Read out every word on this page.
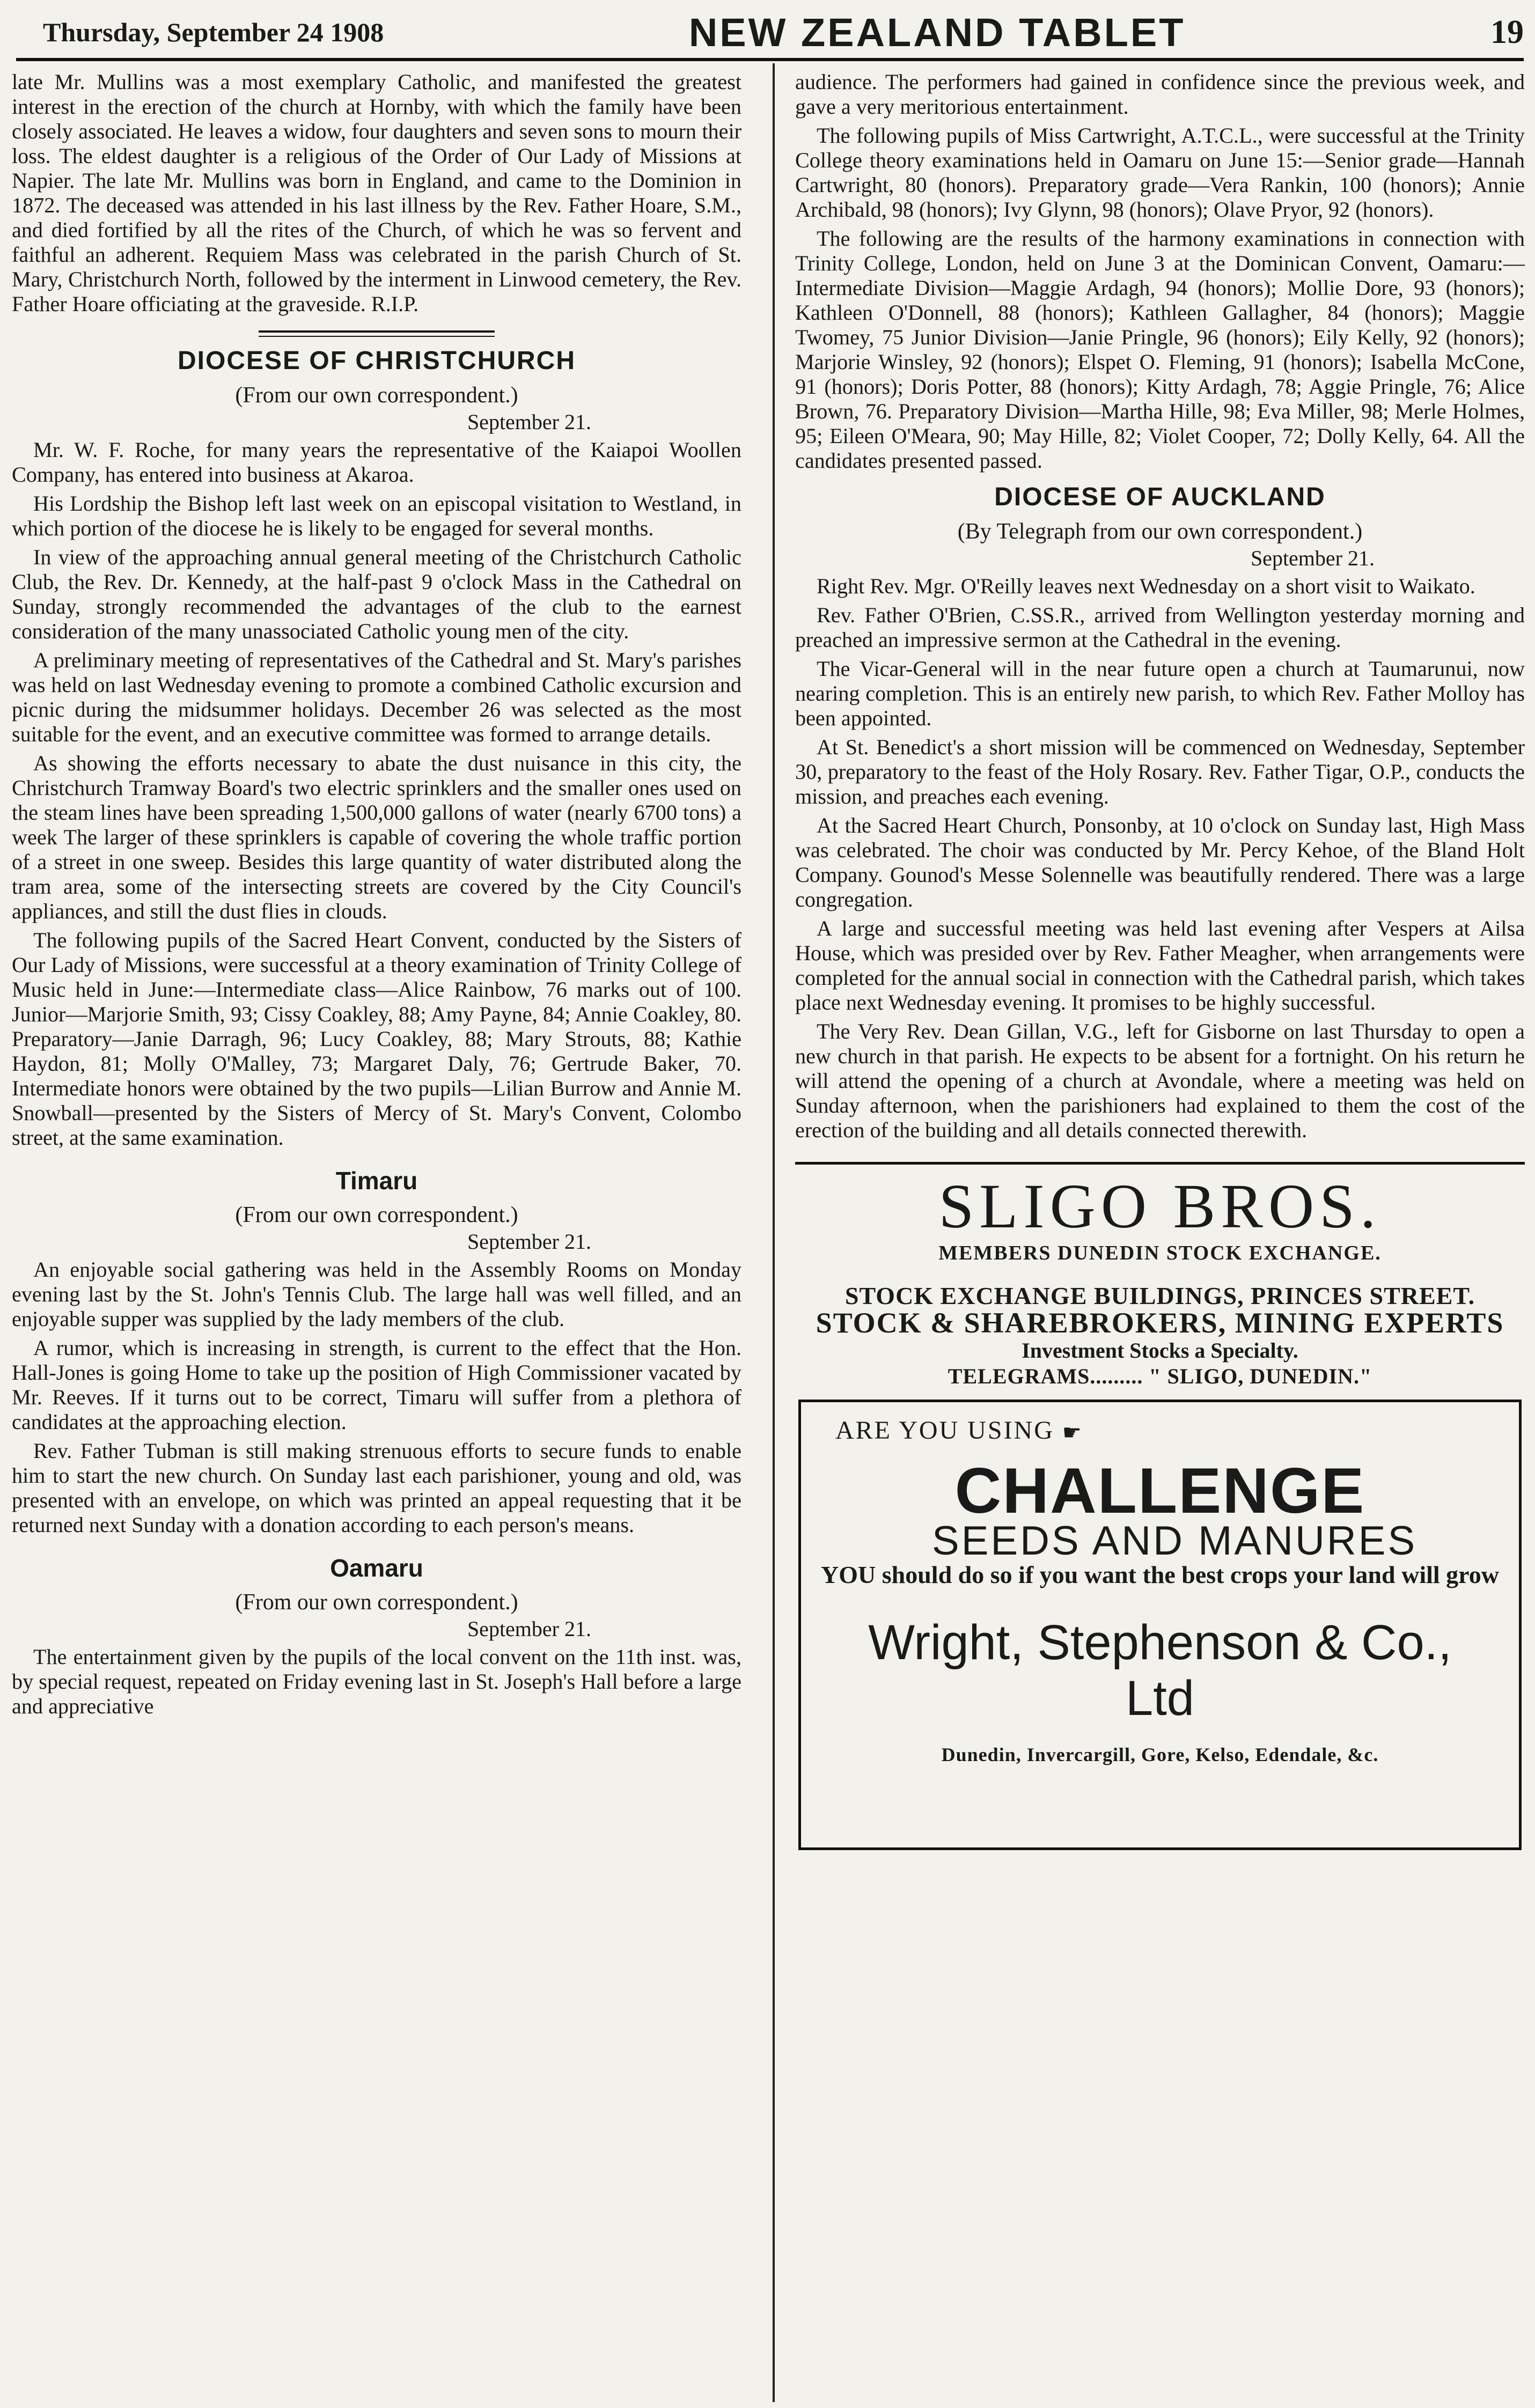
Thursday, September 24 1908	NEW ZEALAND TABLET	19

late Mr. Mullins was a most exemplary Catholic, and manifested the greatest interest in the erection of the church at Hornby, with which the family have been closely associated. He leaves a widow, four daughters and seven sons to mourn their loss. The eldest daughter is a religious of the Order of Our Lady of Missions at Napier. The late Mr. Mullins was born in England, and came to the Dominion in 1872. The deceased was attended in his last illness by the Rev. Father Hoare, S.M., and died fortified by all the rites of the Church, of which he was so fervent and faithful an adherent. Requiem Mass was celebrated in the parish Church of St. Mary, Christchurch North, followed by the interment in Linwood cemetery, the Rev. Father Hoare officiating at the graveside. R.I.P.

DIOCESE OF CHRISTCHURCH
(From our own correspondent.)
September 21.

Mr. W. F. Roche, for many years the representative of the Kaiapoi Woollen Company, has entered into business at Akaroa.

His Lordship the Bishop left last week on an episcopal visitation to Westland, in which portion of the diocese he is likely to be engaged for several months.

In view of the approaching annual general meeting of the Christchurch Catholic Club, the Rev. Dr. Kennedy, at the half-past 9 o'clock Mass in the Cathedral on Sunday, strongly recommended the advantages of the club to the earnest consideration of the many unassociated Catholic young men of the city.

A preliminary meeting of representatives of the Cathedral and St. Mary's parishes was held on last Wednesday evening to promote a combined Catholic excursion and picnic during the midsummer holidays. December 26 was selected as the most suitable for the event, and an executive committee was formed to arrange details.

As showing the efforts necessary to abate the dust nuisance in this city, the Christchurch Tramway Board's two electric sprinklers and the smaller ones used on the steam lines have been spreading 1,500,000 gallons of water (nearly 6700 tons) a week The larger of these sprinklers is capable of covering the whole traffic portion of a street in one sweep. Besides this large quantity of water distributed along the tram area, some of the intersecting streets are covered by the City Council's appliances, and still the dust flies in clouds.

The following pupils of the Sacred Heart Convent, conducted by the Sisters of Our Lady of Missions, were successful at a theory examination of Trinity College of Music held in June:—Intermediate class—Alice Rainbow, 76 marks out of 100. Junior—Marjorie Smith, 93; Cissy Coakley, 88; Amy Payne, 84; Annie Coakley, 80. Preparatory—Janie Darragh, 96; Lucy Coakley, 88; Mary Strouts, 88; Kathie Haydon, 81; Molly O'Malley, 73; Margaret Daly, 76; Gertrude Baker, 70. Intermediate honors were obtained by the two pupils—Lilian Burrow and Annie M. Snowball—presented by the Sisters of Mercy of St. Mary's Convent, Colombo street, at the same examination.

Timaru
(From our own correspondent.)
September 21.

An enjoyable social gathering was held in the Assembly Rooms on Monday evening last by the St. John's Tennis Club. The large hall was well filled, and an enjoyable supper was supplied by the lady members of the club.

A rumor, which is increasing in strength, is current to the effect that the Hon. Hall-Jones is going Home to take up the position of High Commissioner vacated by Mr. Reeves. If it turns out to be correct, Timaru will suffer from a plethora of candidates at the approaching election.

Rev. Father Tubman is still making strenuous efforts to secure funds to enable him to start the new church. On Sunday last each parishioner, young and old, was presented with an envelope, on which was printed an appeal requesting that it be returned next Sunday with a donation according to each person's means.

Oamaru
(From our own correspondent.)
September 21.

The entertainment given by the pupils of the local convent on the 11th inst. was, by special request, repeated on Friday evening last in St. Joseph's Hall before a large and appreciative

audience. The performers had gained in confidence since the previous week, and gave a very meritorious entertainment.

The following pupils of Miss Cartwright, A.T.C.L., were successful at the Trinity College theory examinations held in Oamaru on June 15:—Senior grade—Hannah Cartwright, 80 (honors). Preparatory grade—Vera Rankin, 100 (honors); Annie Archibald, 98 (honors); Ivy Glynn, 98 (honors); Olave Pryor, 92 (honors).

The following are the results of the harmony examinations in connection with Trinity College, London, held on June 3 at the Dominican Convent, Oamaru:—Intermediate Division—Maggie Ardagh, 94 (honors); Mollie Dore, 93 (honors); Kathleen O'Donnell, 88 (honors); Kathleen Gallagher, 84 (honors); Maggie Twomey, 75 Junior Division—Janie Pringle, 96 (honors); Eily Kelly, 92 (honors); Marjorie Winsley, 92 (honors); Elspet O. Fleming, 91 (honors); Isabella McCone, 91 (honors); Doris Potter, 88 (honors); Kitty Ardagh, 78; Aggie Pringle, 76; Alice Brown, 76. Preparatory Division—Martha Hille, 98; Eva Miller, 98; Merle Holmes, 95; Eileen O'Meara, 90; May Hille, 82; Violet Cooper, 72; Dolly Kelly, 64. All the candidates presented passed.

DIOCESE OF AUCKLAND
(By Telegraph from our own correspondent.)
September 21.

Right Rev. Mgr. O'Reilly leaves next Wednesday on a short visit to Waikato.

Rev. Father O'Brien, C.SS.R., arrived from Wellington yesterday morning and preached an impressive sermon at the Cathedral in the evening.

The Vicar-General will in the near future open a church at Taumarunui, now nearing completion. This is an entirely new parish, to which Rev. Father Molloy has been appointed.

At St. Benedict's a short mission will be commenced on Wednesday, September 30, preparatory to the feast of the Holy Rosary. Rev. Father Tigar, O.P., conducts the mission, and preaches each evening.

At the Sacred Heart Church, Ponsonby, at 10 o'clock on Sunday last, High Mass was celebrated. The choir was conducted by Mr. Percy Kehoe, of the Bland Holt Company. Gounod's Messe Solennelle was beautifully rendered. There was a large congregation.

A large and successful meeting was held last evening after Vespers at Ailsa House, which was presided over by Rev. Father Meagher, when arrangements were completed for the annual social in connection with the Cathedral parish, which takes place next Wednesday evening. It promises to be highly successful.

The Very Rev. Dean Gillan, V.G., left for Gisborne on last Thursday to open a new church in that parish. He expects to be absent for a fortnight. On his return he will attend the opening of a church at Avondale, where a meeting was held on Sunday afternoon, when the parishioners had explained to them the cost of the erection of the building and all details connected therewith.

SLIGO BROS.
MEMBERS DUNEDIN STOCK EXCHANGE.
STOCK EXCHANGE BUILDINGS, PRINCES STREET.
STOCK & SHAREBROKERS, MINING EXPERTS
Investment Stocks a Specialty.
TELEGRAMS......... " SLIGO, DUNEDIN."
ARE YOU USING ☛
CHALLENGE
SEEDS AND MANURES
YOU should do so if you want the best crops your land will grow
Wright, Stephenson & Co.,
Ltd
Dunedin, Invercargill, Gore, Kelso, Edendale, &c.
